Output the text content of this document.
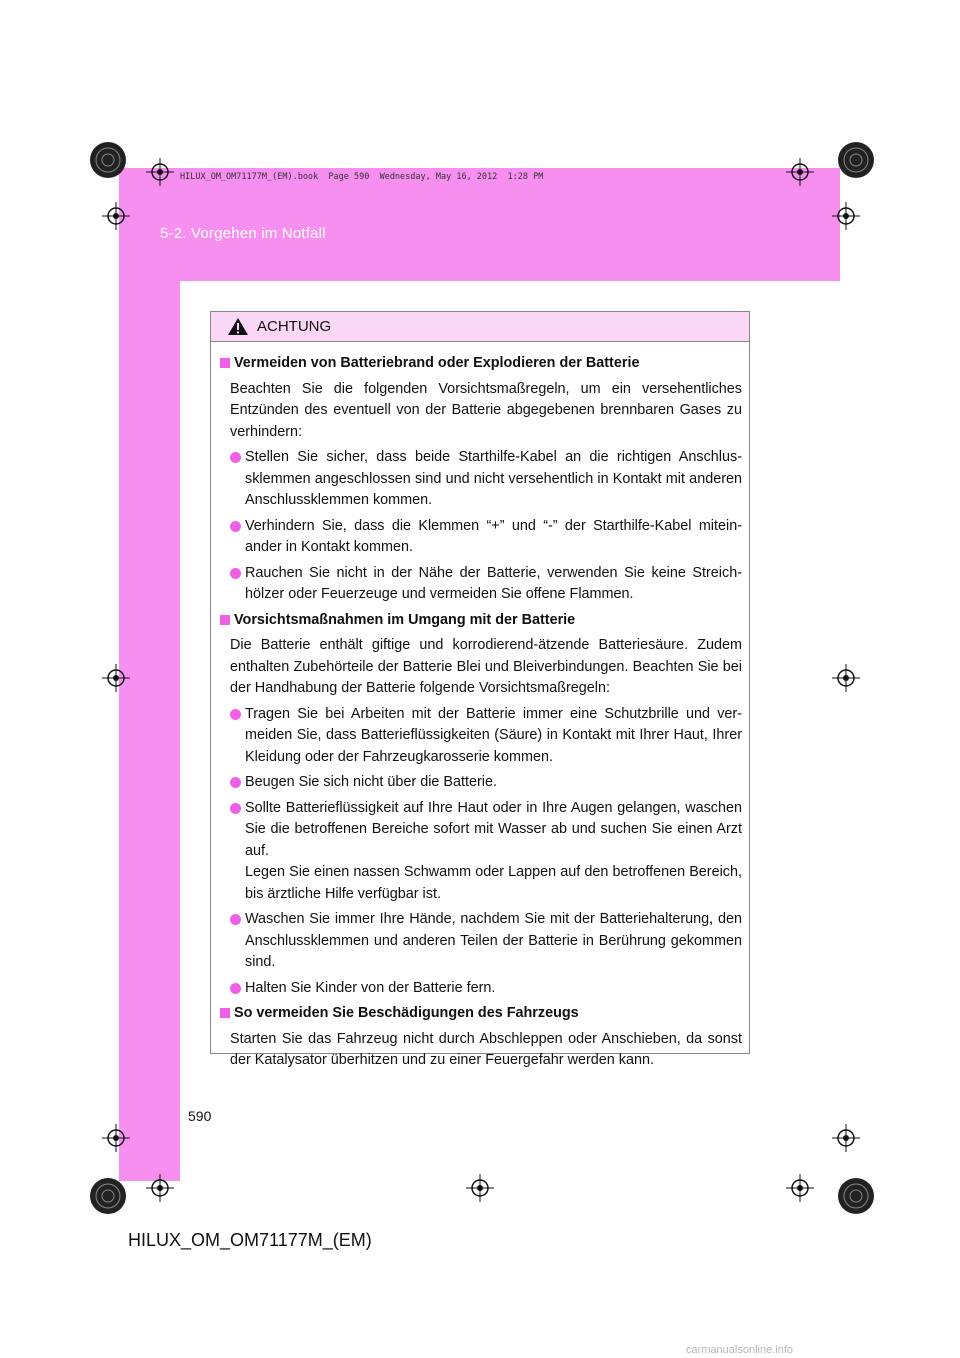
5-2. Vorgehen im Notfall
HILUX_OM_OM71177M_(EM).book  Page 590  Wednesday, May 16, 2012  1:28 PM
ACHTUNG
Vermeiden von Batteriebrand oder Explodieren der Batterie
Beachten Sie die folgenden Vorsichtsmaßregeln, um ein versehentliches Entzünden des eventuell von der Batterie abgegebenen brennbaren Gases zu verhindern:
Stellen Sie sicher, dass beide Starthilfe-Kabel an die richtigen Anschlus- sklemmen angeschlossen sind und nicht versehentlich in Kontakt mit anderen Anschlussklemmen kommen.
Verhindern Sie, dass die Klemmen “+” und “-” der Starthilfe-Kabel mitein- ander in Kontakt kommen.
Rauchen Sie nicht in der Nähe der Batterie, verwenden Sie keine Streich- hölzer oder Feuerzeuge und vermeiden Sie offene Flammen.
Vorsichtsmaßnahmen im Umgang mit der Batterie
Die Batterie enthält giftige und korrodierend-ätzende Batteriesäure. Zudem enthalten Zubehörteile der Batterie Blei und Bleiverbindungen. Beachten Sie bei der Handhabung der Batterie folgende Vorsichtsmaßregeln:
Tragen Sie bei Arbeiten mit der Batterie immer eine Schutzbrille und ver- meiden Sie, dass Batterieflüssigkeiten (Säure) in Kontakt mit Ihrer Haut, Ihrer Kleidung oder der Fahrzeugkarosserie kommen.
Beugen Sie sich nicht über die Batterie.
Sollte Batterieflüssigkeit auf Ihre Haut oder in Ihre Augen gelangen, waschen Sie die betroffenen Bereiche sofort mit Wasser ab und suchen Sie einen Arzt auf.
Legen Sie einen nassen Schwamm oder Lappen auf den betroffenen Bereich, bis ärztliche Hilfe verfügbar ist.
Waschen Sie immer Ihre Hände, nachdem Sie mit der Batteriehalterung, den Anschlussklemmen und anderen Teilen der Batterie in Berührung gekommen sind.
Halten Sie Kinder von der Batterie fern.
So vermeiden Sie Beschädigungen des Fahrzeugs
Starten Sie das Fahrzeug nicht durch Abschleppen oder Anschieben, da sonst der Katalysator überhitzen und zu einer Feuergefahr werden kann.
590
HILUX_OM_OM71177M_(EM)
carmanualsonline.info
